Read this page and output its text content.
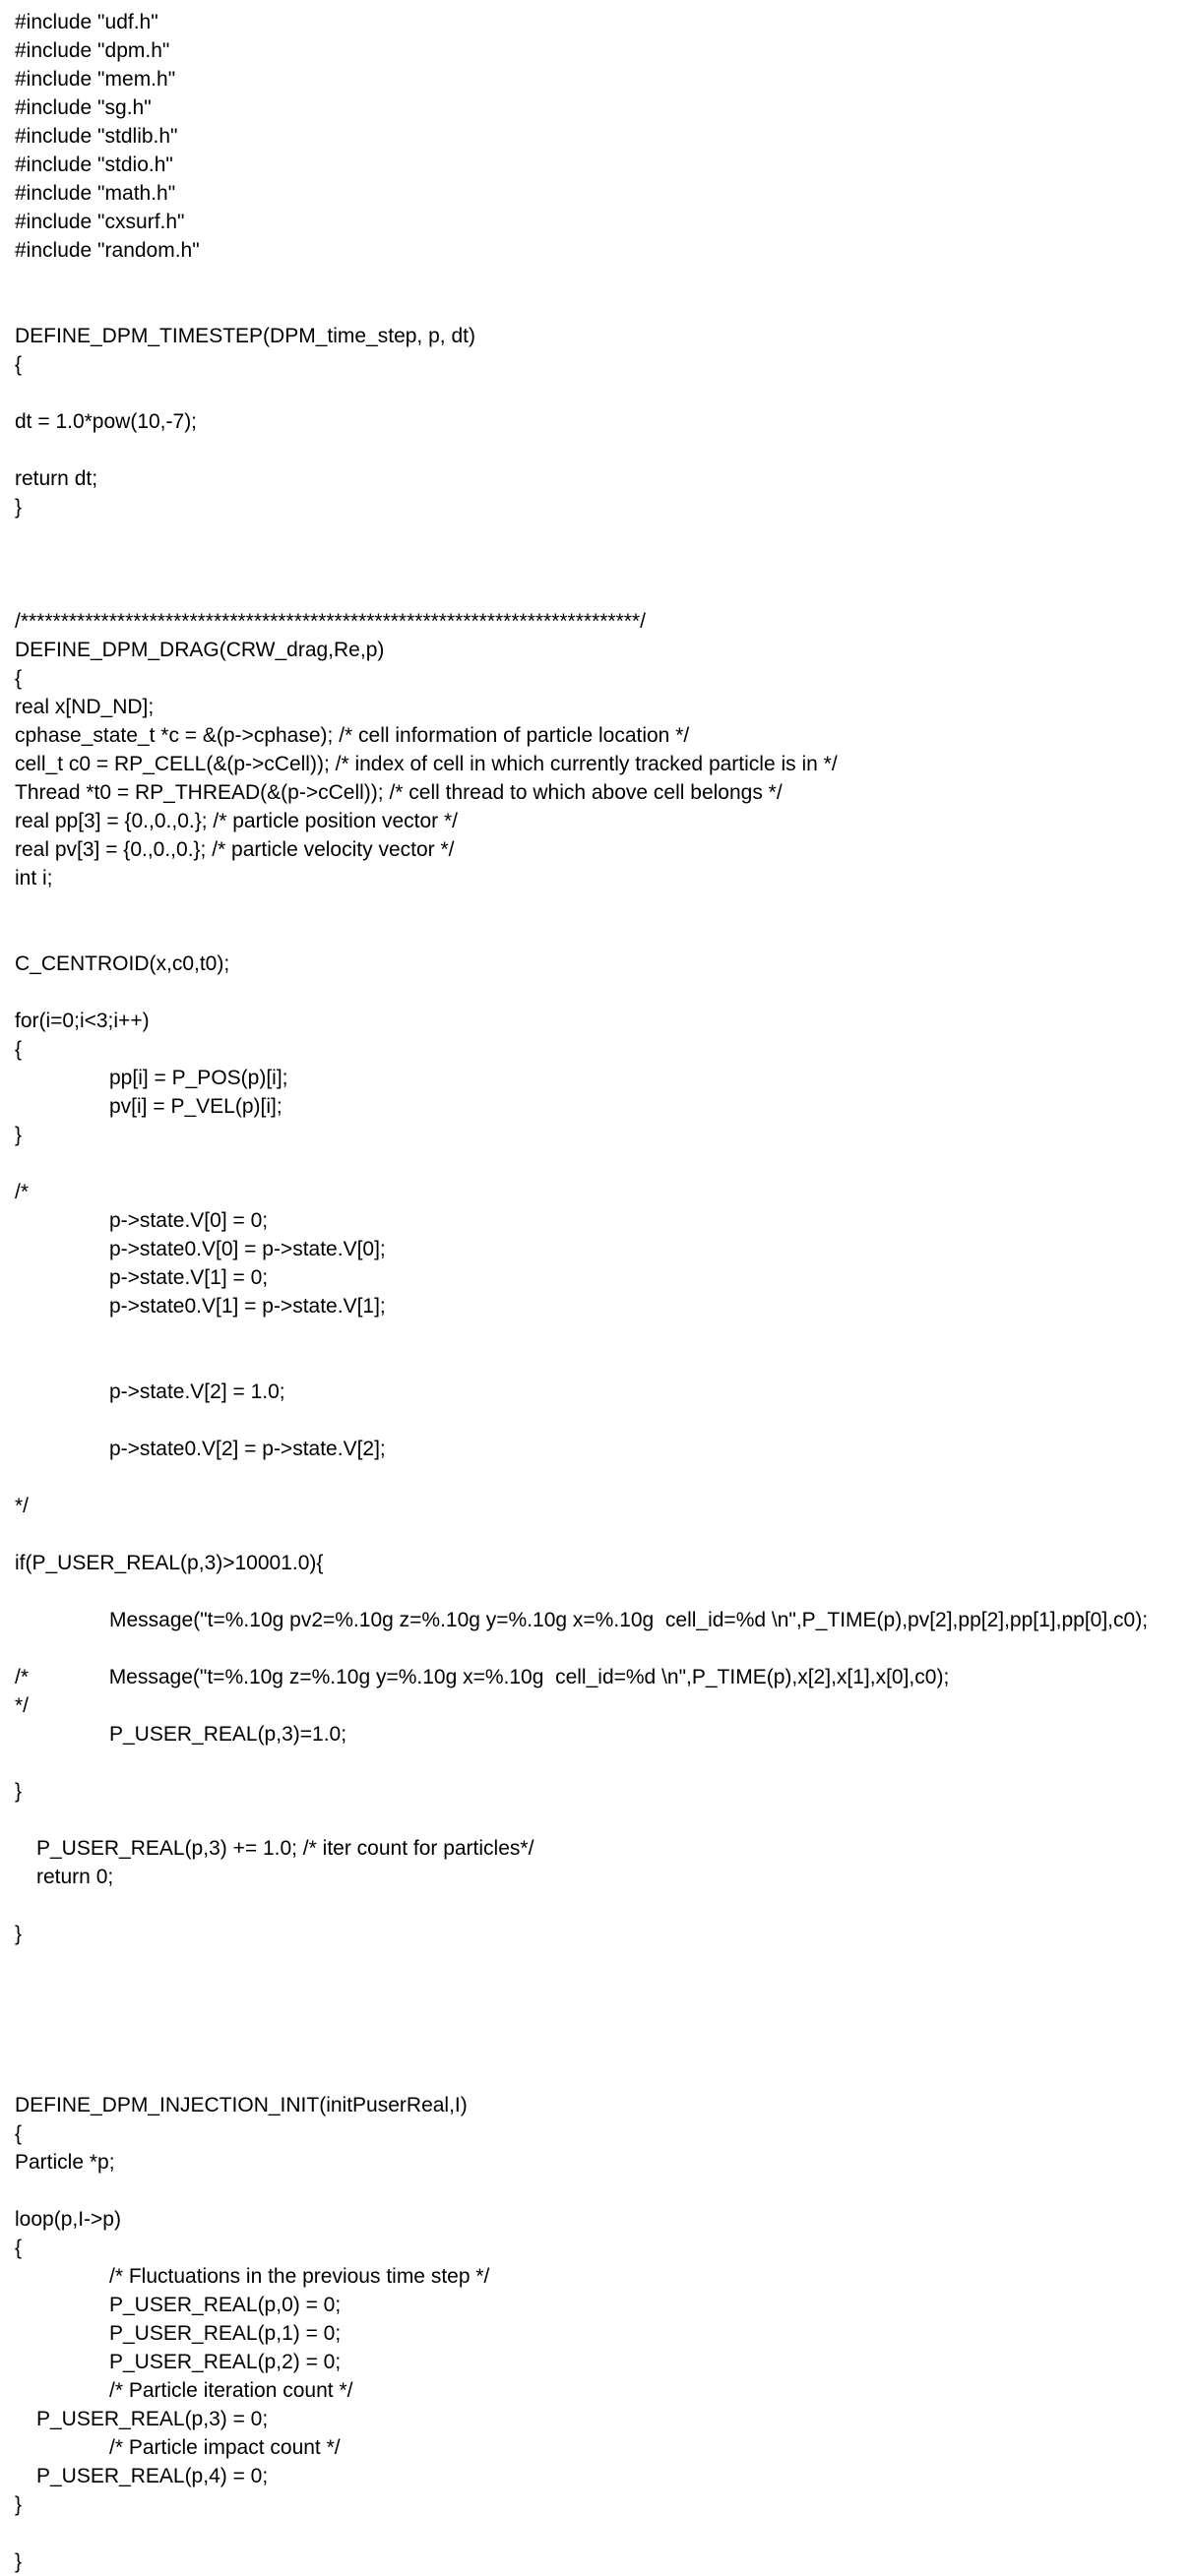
#include "udf.h"
#include "dpm.h"
#include "mem.h"
#include "sg.h"
#include "stdlib.h"
#include "stdio.h"
#include "math.h"
#include "cxsurf.h"
#include "random.h"
DEFINE_DPM_TIMESTEP(DPM_time_step, p, dt)
{
dt = 1.0*pow(10,-7);
return dt;
}
/*****************************************************************************/
DEFINE_DPM_DRAG(CRW_drag,Re,p)
{
real x[ND_ND];
cphase_state_t *c = &(p->cphase); /* cell information of particle location */
cell_t c0 = RP_CELL(&(p->cCell)); /* index of cell in which currently tracked particle is in */
Thread *t0 = RP_THREAD(&(p->cCell)); /* cell thread to which above cell belongs */
real pp[3] = {0.,0.,0.}; /* particle position vector */
real pv[3] = {0.,0.,0.}; /* particle velocity vector */
int i;
C_CENTROID(x,c0,t0);
for(i=0;i<3;i++)
{
pp[i] = P_POS(p)[i];
pv[i] = P_VEL(p)[i];
}
/*
p->state.V[0] = 0;
p->state0.V[0] = p->state.V[0];
p->state.V[1] = 0;
p->state0.V[1] = p->state.V[1];
p->state.V[2] = 1.0;
p->state0.V[2] = p->state.V[2];
*/
if(P_USER_REAL(p,3)>10001.0){
Message("t=%.10g pv2=%.10g z=%.10g y=%.10g x=%.10g  cell_id=%d \n",P_TIME(p),pv[2],pp[2],pp[1],pp[0],c0);
/*              Message("t=%.10g z=%.10g y=%.10g x=%.10g  cell_id=%d \n",P_TIME(p),x[2],x[1],x[0],c0);
*/
P_USER_REAL(p,3)=1.0;
}
P_USER_REAL(p,3) += 1.0; /* iter count for particles*/
return 0;
}
DEFINE_DPM_INJECTION_INIT(initPuserReal,I)
{
Particle *p;
loop(p,I->p)
{
/* Fluctuations in the previous time step */
P_USER_REAL(p,0) = 0;
P_USER_REAL(p,1) = 0;
P_USER_REAL(p,2) = 0;
/* Particle iteration count */
P_USER_REAL(p,3) = 0;
/* Particle impact count */
P_USER_REAL(p,4) = 0;
}
}
